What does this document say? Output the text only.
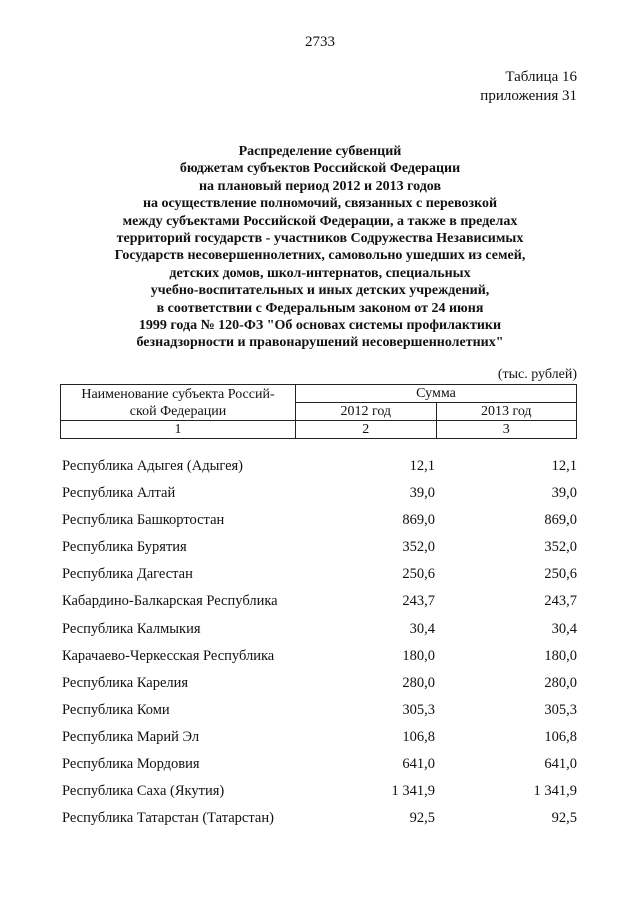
2733
Таблица 16
приложения 31
Распределение субвенций
бюджетам субъектов Российской Федерации
на плановый период 2012 и 2013 годов
на осуществление полномочий, связанных с перевозкой
между субъектами Российской Федерации, а также в пределах
территорий государств - участников Содружества Независимых
Государств несовершеннолетних, самовольно ушедших из семей,
детских домов, школ-интернатов, специальных
учебно-воспитательных и иных детских учреждений,
в соответствии с Федеральным законом от 24 июня
1999 года № 120-ФЗ "Об основах системы профилактики
безнадзорности и правонарушений несовершеннолетних"
(тыс. рублей)
Наименование субъекта Россий-
ской Федерации	Сумма	
	2012 год	2013 год
1	2	3
Республика Адыгея (Адыгея)	12,1	12,1
Республика Алтай	39,0	39,0
Республика Башкортостан	869,0	869,0
Республика Бурятия	352,0	352,0
Республика Дагестан	250,6	250,6
Кабардино-Балкарская Республика	243,7	243,7
Республика Калмыкия	30,4	30,4
Карачаево-Черкесская Республика	180,0	180,0
Республика Карелия	280,0	280,0
Республика Коми	305,3	305,3
Республика Марий Эл	106,8	106,8
Республика Мордовия	641,0	641,0
Республика Саха (Якутия)	1 341,9	1 341,9
Республика Татарстан (Татарстан)	92,5	92,5
